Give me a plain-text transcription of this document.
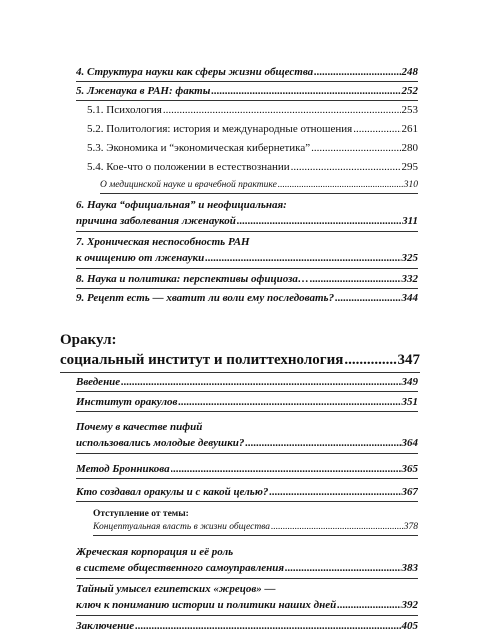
4. Структура науки как сферы жизни общества .....	248
5. Лженаука в РАН: факты .....	252
5.1. Психология .....	253
5.2. Политология: история и международные отношения .....	261
5.3. Экономика и “экономическая кибернетика” .....	280
5.4. Кое-что о положении в естествознании .....	295
О медицинской науке и врачебной практике .....	310
6. Наука “официальная” и неофициальная:
причина заболевания лженаукой .....	311
7. Хроническая неспособность РАН
к очищению от лженауки .....	325
8. Наука и политика: перспективы официоза… .....	332
9. Рецепт есть — хватит ли воли ему последовать? .....	344
Оракул:
социальный институт и политтехнология .....	347
Введение .....	349
Институт оракулов .....	351
Почему в качестве пифий
использовались молодые девушки? .....	364
Метод Бронникова .....	365
Кто создавал оракулы и с какой целью? .....	367
Отступление от темы:
Концептуальная власть в жизни общества .....	378
Жреческая корпорация и её роль
в системе общественного самоуправления .....	383
Тайный умысел египетских «жрецов» —
ключ к пониманию истории и политики наших дней .....	392
Заключение .....	405
